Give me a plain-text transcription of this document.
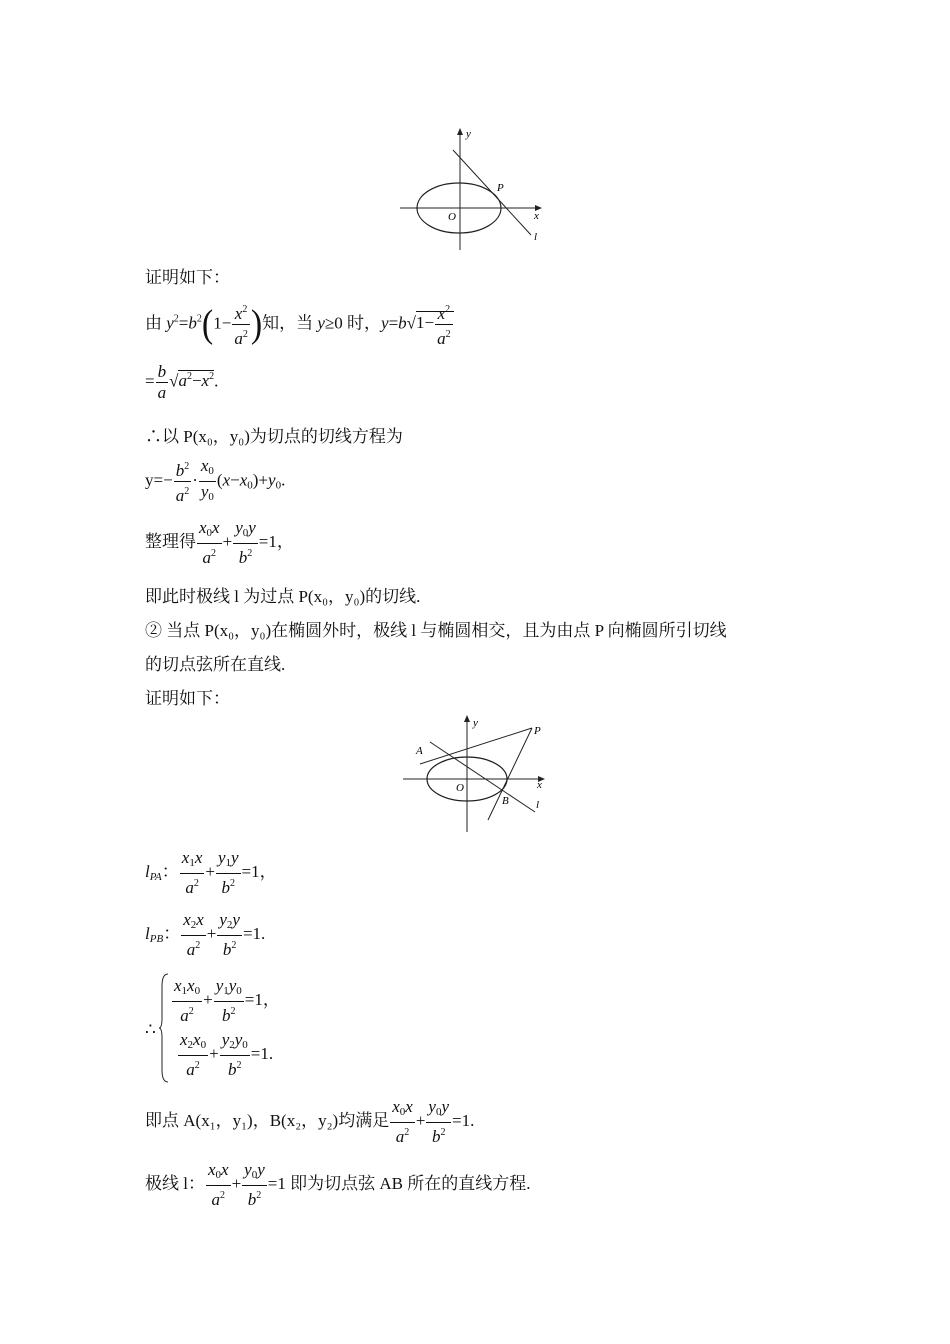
y
x
O
P
l
证明如下：
由 $y^2=b^2(1- \frac{x^2}{a^2}$ )知，当 y≥0 时，$y=b√1- \frac{x^2}{a^2}$
= $\frac{b}{a} √a^2-x^2$.
∴以 P(x₀，y₀)为切点的切线方程为
$y=- \frac{b^2}{a^2} \cdot \frac{x_0}{y_0} (x-x_0)+y_0$.
整理得 $\frac{x_0x}{a^2} + \frac{y_0y}{b^2} =1$，
即此时极线 l 为过点 P(x₀，y₀)的切线.
② 当点 P(x₀，y₀)在椭圆外时，极线 l 与椭圆相交，且为由点 P 向椭圆所引切线
的切点弦所在直线.
证明如下：
y
x
O
P
A
B l
$l_{PA}$： $\frac{x_1x}{a^2} + \frac{y_1y}{b^2} =1$，
$l_{PB}$： $\frac{x_2x}{a^2} + \frac{y_2y}{b^2} =1$.
∴
$\frac{x_1x_0}{a^2} + \frac{y_1y_0}{b^2} =1$，
$\frac{x_2x_0}{a^2} + \frac{y_2y_0}{b^2} =1$.
即点 A(x₁，y₁)，B(x₂，y₂)均满足 $\frac{x_0x}{a^2} + \frac{y_0y}{b^2} =1$.
极线 l： $\frac{x_0x}{a^2} + \frac{y_0y}{b^2} =1$ 即为切点弦 AB 所在的直线方程.
